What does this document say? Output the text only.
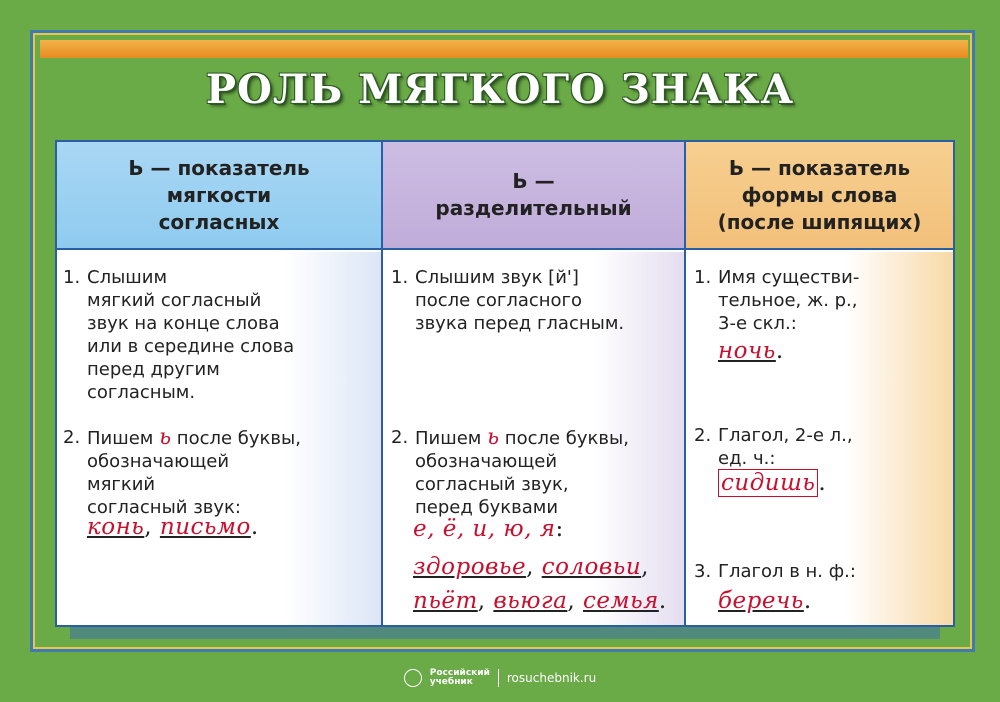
РОЛЬ МЯГКОГО ЗНАКА
Ь — показатель
мягкости
согласных

1. Слышим
мягкий согласный
звук на конце слова
или в середине слова
перед другим
согласным.

2. Пишем ь после буквы,
обозначающей
мягкий
согласный звук:

конь, письмо.
Ь —
разделительный

1. Слышим звук [й']
после согласного
звука перед гласным.

2. Пишем ь после буквы,
обозначающей
согласный звук,
перед буквами

е, ё, и, ю, я:
здоровье, соловьи,
пьёт, вьюга, семья.
Ь — показатель
формы слова
(после шипящих)

1. Имя существи-
тельное, ж. р.,
3-е скл.:

ночь.

2. Глагол, 2-е л.,
ед. ч.:

сидишь .

3. Глагол в н. ф.:

беречь.
Российский
учебник	rosuchebnik.ru
